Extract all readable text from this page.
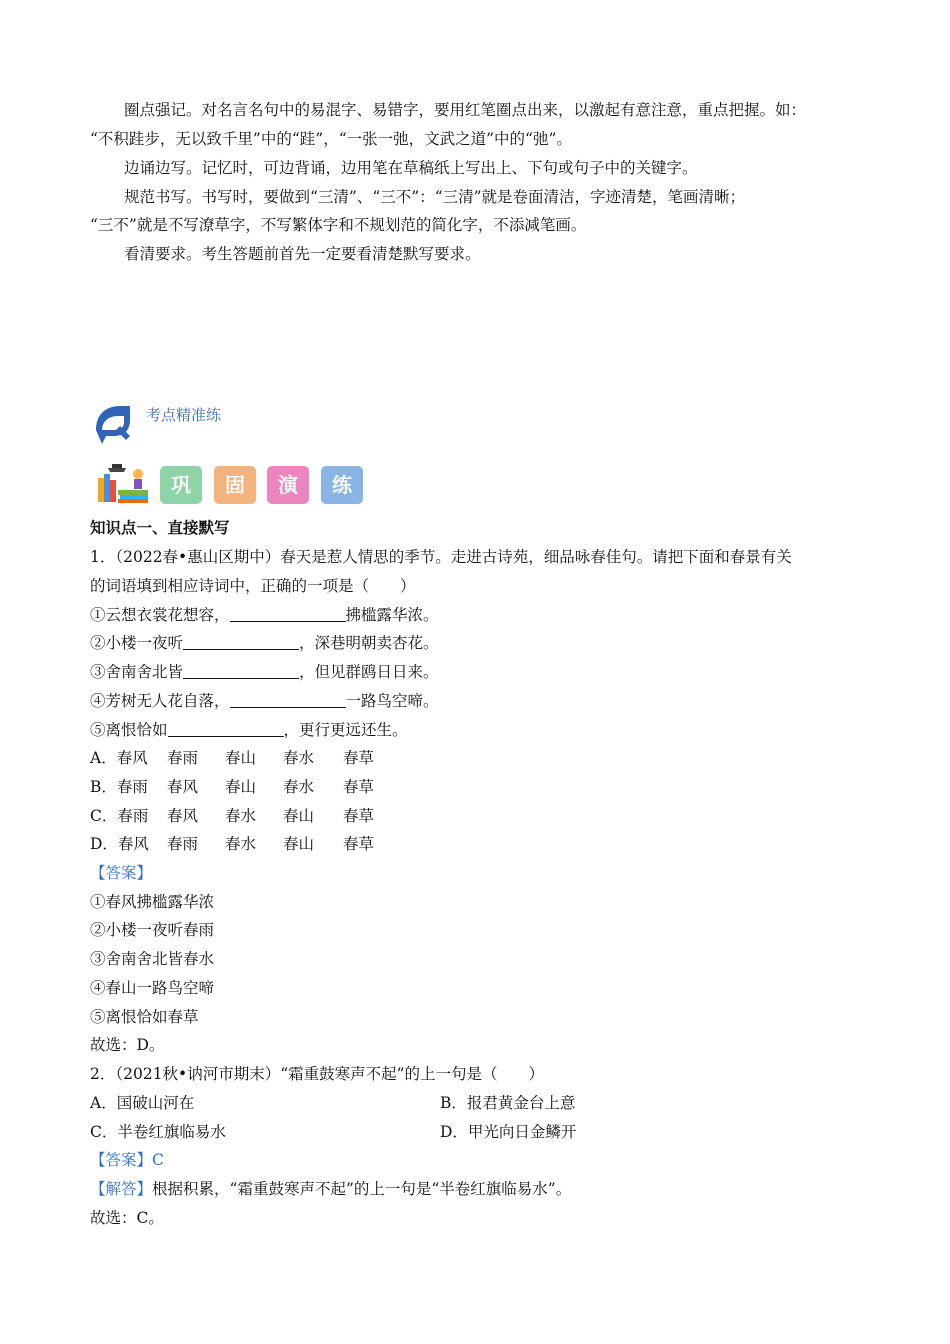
圈点强记。对名言名句中的易混字、易错字，要用红笔圈点出来，以激起有意注意，重点把握。如：
“不积跬步，无以致千里”中的“跬”，“一张一弛，文武之道”中的“弛”。
边诵边写。记忆时，可边背诵，边用笔在草稿纸上写出上、下句或句子中的关键字。
规范书写。书写时，要做到“三清”、“三不”：“三清”就是卷面清洁，字迹清楚，笔画清晰；
“三不”就是不写潦草字，不写繁体字和不规划范的简化字，不添减笔画。
看清要求。考生答题前首先一定要看清楚默写要求。
考点精准练
巩	固	演	练
知识点一、直接默写
1．（2022春•惠山区期中）春天是惹人情思的季节。走进古诗苑，细品咏春佳句。请把下面和春景有关
的词语填到相应诗词中，正确的一项是（　　）
①云想衣裳花想容，	拂槛露华浓。
②小楼一夜听	，深巷明朝卖杏花。
③舍南舍北皆	，但见群鸥日日来。
④芳树无人花自落，	一路鸟空啼。
⑤离恨恰如	，更行更远还生。
A．春风 春雨 春山 春水 春草
B．春雨 春风 春山 春水 春草
C．春雨 春风 春水 春山 春草
D．春风 春雨 春水 春山 春草
【答案】
①春风拂槛露华浓
②小楼一夜听春雨
③舍南舍北皆春水
④春山一路鸟空啼
⑤离恨恰如春草
故选：D。
2．（2021秋•讷河市期末）“霜重鼓寒声不起”的上一句是（　　）
A．国破山河在	B．报君黄金台上意
C．半卷红旗临易水	D．甲光向日金鳞开
【答案】C
【解答】根据积累，“霜重鼓寒声不起”的上一句是“半卷红旗临易水”。
故选：C。
